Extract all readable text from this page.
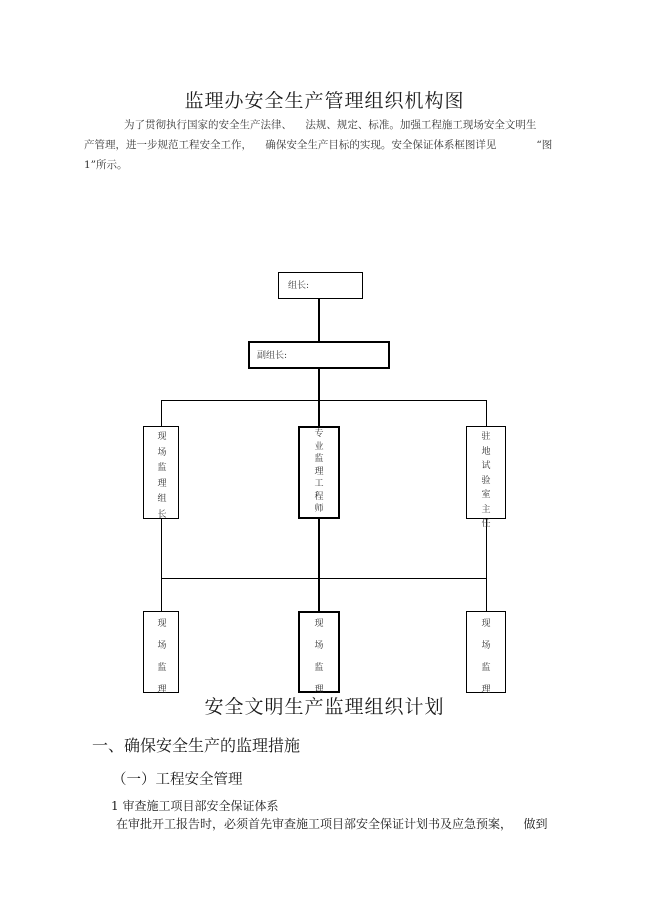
监理办安全生产管理组织机构图
为了贯彻执行国家的安全生产法律、    法规、规定、标准。加强工程施工现场安全文明生
产管理，进一步规范工程安全工作，    确保安全生产目标的实现。安全保证体系框图详见            “图
1”所示。
组长:
副组长:
现场监理组长
专业监理工程师
驻地试验室主任
现场监理
现场监理
现场监理
安全文明生产监理组织计划
一、确保安全生产的监理措施
（一）工程安全管理
1 审查施工项目部安全保证体系
在审批开工报告时，必须首先审查施工项目部安全保证计划书及应急预案，   做到
